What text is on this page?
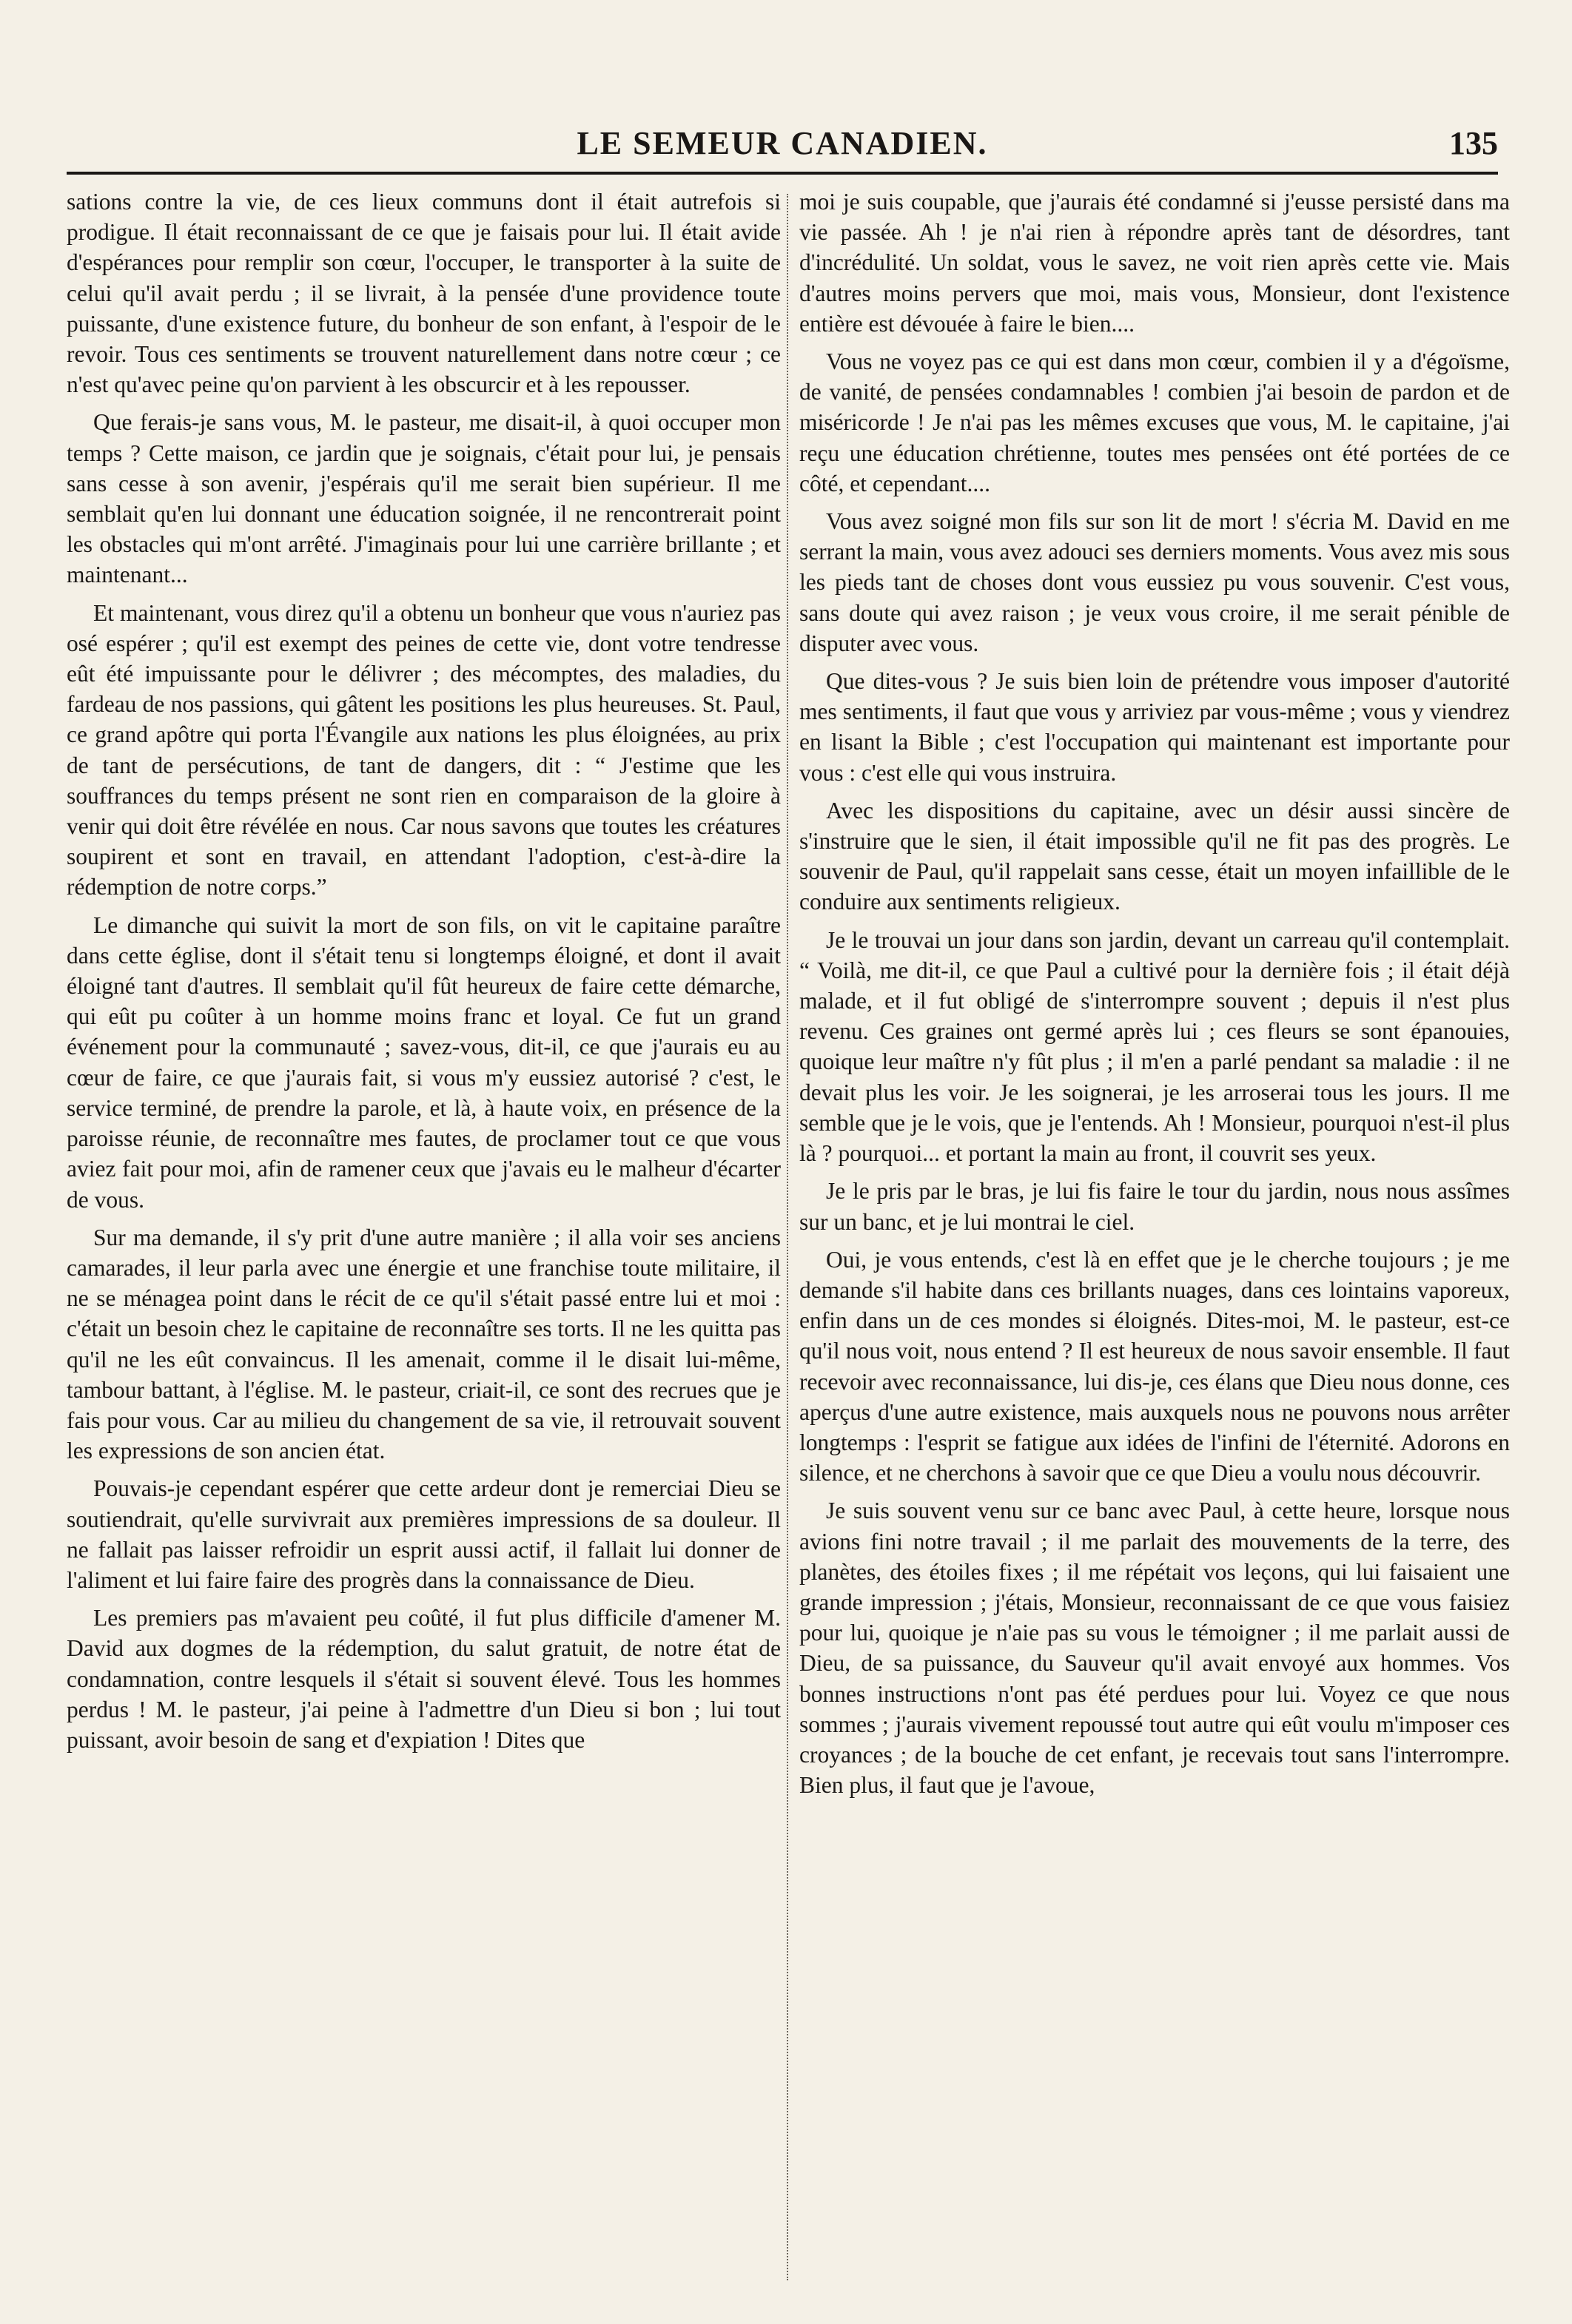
LE SEMEUR CANADIEN.	135

sations contre la vie, de ces lieux communs dont il était autrefois si prodigue. Il était reconnaissant de ce que je faisais pour lui. Il était avide d'espérances pour remplir son cœur, l'occuper, le transporter à la suite de celui qu'il avait perdu ; il se livrait, à la pensée d'une providence toute puissante, d'une existence future, du bonheur de son enfant, à l'espoir de le revoir. Tous ces sentiments se trouvent naturellement dans notre cœur ; ce n'est qu'avec peine qu'on parvient à les obscurcir et à les repousser.

Que ferais-je sans vous, M. le pasteur, me disait-il, à quoi occuper mon temps ? Cette maison, ce jardin que je soignais, c'était pour lui, je pensais sans cesse à son avenir, j'espérais qu'il me serait bien supérieur. Il me semblait qu'en lui donnant une éducation soignée, il ne rencontrerait point les obstacles qui m'ont arrêté. J'imaginais pour lui une carrière brillante ; et maintenant...

Et maintenant, vous direz qu'il a obtenu un bonheur que vous n'auriez pas osé espérer ; qu'il est exempt des peines de cette vie, dont votre tendresse eût été impuissante pour le délivrer ; des mécomptes, des maladies, du fardeau de nos passions, qui gâtent les positions les plus heureuses. St. Paul, ce grand apôtre qui porta l'Évangile aux nations les plus éloignées, au prix de tant de persécutions, de tant de dangers, dit : “ J'estime que les souffrances du temps présent ne sont rien en comparaison de la gloire à venir qui doit être révélée en nous. Car nous savons que toutes les créatures soupirent et sont en travail, en attendant l'adoption, c'est-à-dire la rédemption de notre corps.”

Le dimanche qui suivit la mort de son fils, on vit le capitaine paraître dans cette église, dont il s'était tenu si longtemps éloigné, et dont il avait éloigné tant d'autres. Il semblait qu'il fût heureux de faire cette démarche, qui eût pu coûter à un homme moins franc et loyal. Ce fut un grand événement pour la communauté ; savez-vous, dit-il, ce que j'aurais eu au cœur de faire, ce que j'aurais fait, si vous m'y eussiez autorisé ? c'est, le service terminé, de prendre la parole, et là, à haute voix, en présence de la paroisse réunie, de reconnaître mes fautes, de proclamer tout ce que vous aviez fait pour moi, afin de ramener ceux que j'avais eu le malheur d'écarter de vous.

Sur ma demande, il s'y prit d'une autre manière ; il alla voir ses anciens camarades, il leur parla avec une énergie et une franchise toute militaire, il ne se ménagea point dans le récit de ce qu'il s'était passé entre lui et moi : c'était un besoin chez le capitaine de reconnaître ses torts. Il ne les quitta pas qu'il ne les eût convaincus. Il les amenait, comme il le disait lui-même, tambour battant, à l'église. M. le pasteur, criait-il, ce sont des recrues que je fais pour vous. Car au milieu du changement de sa vie, il retrouvait souvent les expressions de son ancien état.

Pouvais-je cependant espérer que cette ardeur dont je remerciai Dieu se soutiendrait, qu'elle survivrait aux premières impressions de sa douleur. Il ne fallait pas laisser refroidir un esprit aussi actif, il fallait lui donner de l'aliment et lui faire faire des progrès dans la connaissance de Dieu.

Les premiers pas m'avaient peu coûté, il fut plus difficile d'amener M. David aux dogmes de la rédemption, du salut gratuit, de notre état de condamnation, contre lesquels il s'était si souvent élevé. Tous les hommes perdus ! M. le pasteur, j'ai peine à l'admettre d'un Dieu si bon ; lui tout puissant, avoir besoin de sang et d'expiation ! Dites que

moi je suis coupable, que j'aurais été condamné si j'eusse persisté dans ma vie passée. Ah ! je n'ai rien à répondre après tant de désordres, tant d'incrédulité. Un soldat, vous le savez, ne voit rien après cette vie. Mais d'autres moins pervers que moi, mais vous, Monsieur, dont l'existence entière est dévouée à faire le bien....

Vous ne voyez pas ce qui est dans mon cœur, combien il y a d'égoïsme, de vanité, de pensées condamnables ! combien j'ai besoin de pardon et de miséricorde ! Je n'ai pas les mêmes excuses que vous, M. le capitaine, j'ai reçu une éducation chrétienne, toutes mes pensées ont été portées de ce côté, et cependant....

Vous avez soigné mon fils sur son lit de mort ! s'écria M. David en me serrant la main, vous avez adouci ses derniers moments. Vous avez mis sous les pieds tant de choses dont vous eussiez pu vous souvenir. C'est vous, sans doute qui avez raison ; je veux vous croire, il me serait pénible de disputer avec vous.

Que dites-vous ? Je suis bien loin de prétendre vous imposer d'autorité mes sentiments, il faut que vous y arriviez par vous-même ; vous y viendrez en lisant la Bible ; c'est l'occupation qui maintenant est importante pour vous : c'est elle qui vous instruira.

Avec les dispositions du capitaine, avec un désir aussi sincère de s'instruire que le sien, il était impossible qu'il ne fit pas des progrès. Le souvenir de Paul, qu'il rappelait sans cesse, était un moyen infaillible de le conduire aux sentiments religieux.

Je le trouvai un jour dans son jardin, devant un carreau qu'il contemplait. “ Voilà, me dit-il, ce que Paul a cultivé pour la dernière fois ; il était déjà malade, et il fut obligé de s'interrompre souvent ; depuis il n'est plus revenu. Ces graines ont germé après lui ; ces fleurs se sont épanouies, quoique leur maître n'y fût plus ; il m'en a parlé pendant sa maladie : il ne devait plus les voir. Je les soignerai, je les arroserai tous les jours. Il me semble que je le vois, que je l'entends. Ah ! Monsieur, pourquoi n'est-il plus là ? pourquoi... et portant la main au front, il couvrit ses yeux.

Je le pris par le bras, je lui fis faire le tour du jardin, nous nous assîmes sur un banc, et je lui montrai le ciel.

Oui, je vous entends, c'est là en effet que je le cherche toujours ; je me demande s'il habite dans ces brillants nuages, dans ces lointains vaporeux, enfin dans un de ces mondes si éloignés. Dites-moi, M. le pasteur, est-ce qu'il nous voit, nous entend ? Il est heureux de nous savoir ensemble. Il faut recevoir avec reconnaissance, lui dis-je, ces élans que Dieu nous donne, ces aperçus d'une autre existence, mais auxquels nous ne pouvons nous arrêter longtemps : l'esprit se fatigue aux idées de l'infini de l'éternité. Adorons en silence, et ne cherchons à savoir que ce que Dieu a voulu nous découvrir.

Je suis souvent venu sur ce banc avec Paul, à cette heure, lorsque nous avions fini notre travail ; il me parlait des mouvements de la terre, des planètes, des étoiles fixes ; il me répétait vos leçons, qui lui faisaient une grande impression ; j'étais, Monsieur, reconnaissant de ce que vous faisiez pour lui, quoique je n'aie pas su vous le témoigner ; il me parlait aussi de Dieu, de sa puissance, du Sauveur qu'il avait envoyé aux hommes. Vos bonnes instructions n'ont pas été perdues pour lui. Voyez ce que nous sommes ; j'aurais vivement repoussé tout autre qui eût voulu m'imposer ces croyances ; de la bouche de cet enfant, je recevais tout sans l'interrompre. Bien plus, il faut que je l'avoue,
